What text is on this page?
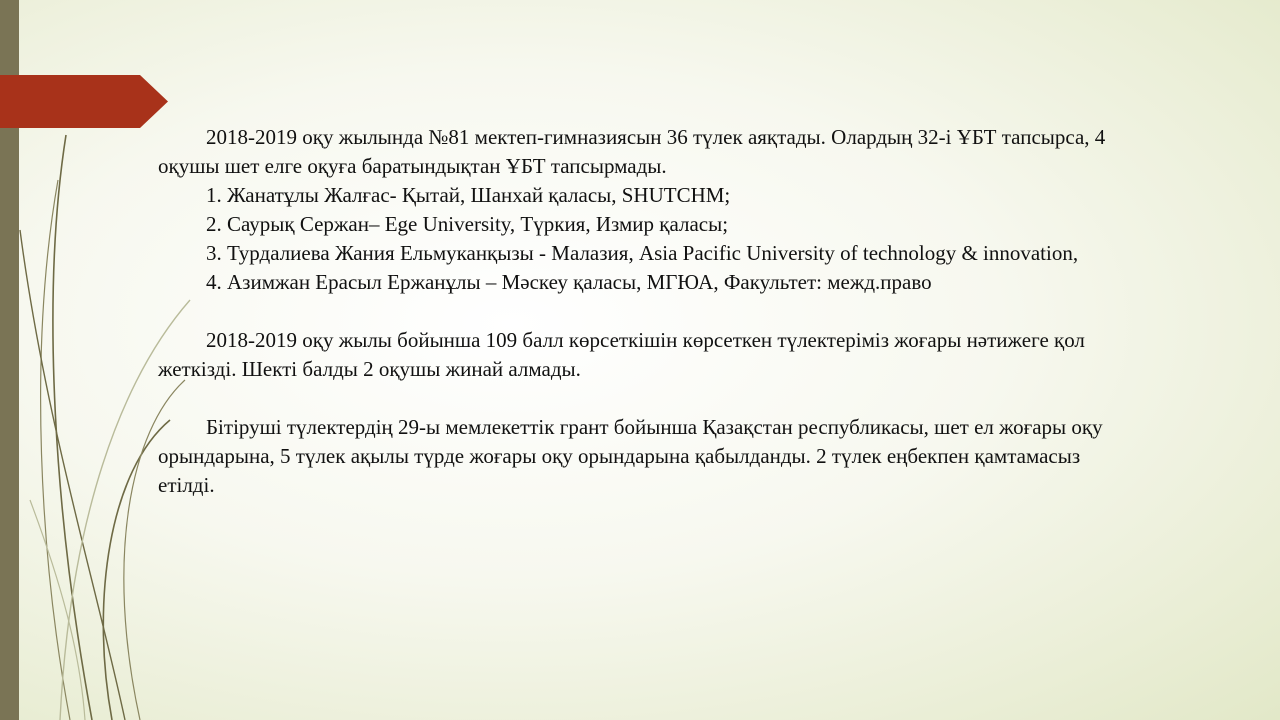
2018-2019 оқу жылында №81 мектеп-гимназиясын 36 түлек аяқтады. Олардың 32-і ҰБТ тапсырса, 4 оқушы шет елге оқуға баратындықтан ҰБТ тапсырмады.

1. Жанатұлы Жалғас- Қытай, Шанхай қаласы, SHUTCHM;

2. Саурық Сержан– Ege University, Түркия, Измир қаласы;

3. Турдалиева Жания Ельмуканқызы - Малазия, Asia Pacific University of technology & innovation,

4. Азимжан Ерасыл Ержанұлы – Мәскеу қаласы, МГЮА, Факультет: межд.право

2018-2019 оқу жылы бойынша 109 балл көрсеткішін көрсеткен түлектеріміз жоғары нәтижеге қол жеткізді. Шекті балды 2 оқушы жинай алмады.

Бітіруші түлектердің 29-ы мемлекеттік грант бойынша Қазақстан республикасы, шет ел жоғары оқу орындарына, 5 түлек ақылы түрде жоғары оқу орындарына қабылданды. 2 түлек еңбекпен қамтамасыз етілді.
